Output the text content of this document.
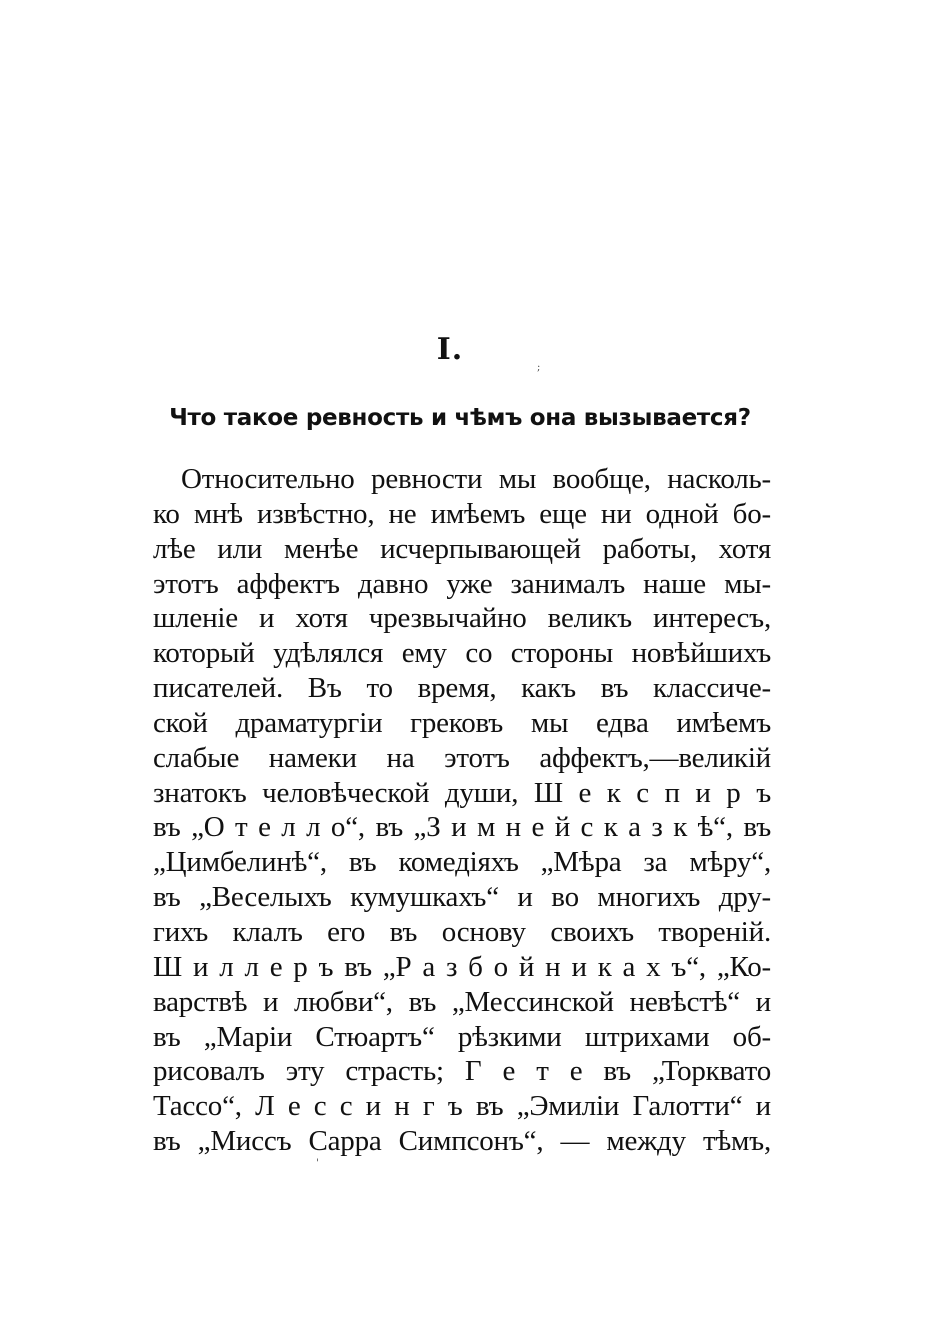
I.
;
Что такое ревность и чѣмъ она вызывается?
Относительно ревности мы вообще, насколь-
ко мнѣ извѣстно, не имѣемъ еще ни одной бо-
лѣе или менѣе исчерпывающей работы, хотя
этотъ аффектъ давно уже занималъ наше мы-
шленіе и хотя чрезвычайно великъ интересъ,
который удѣлялся ему со стороны новѣйшихъ
писателей. Въ то время, какъ въ классиче-
ской драматургіи грековъ мы едва имѣемъ
слабые намеки на этотъ аффектъ,—великій
знатокъ человѣческой души, Ш е к с п и р ъ
въ „О т е л л о“, въ „З и м н е й с к а з к ѣ“, въ
„Цимбелинѣ“, въ комедіяхъ „Мѣра за мѣру“,
въ „Веселыхъ кумушкахъ“ и во многихъ дру-
гихъ клалъ его въ основу своихъ твореній.
Ш и л л е р ъ въ „Р а з б о й н и к а х ъ“, „Ко-
варствѣ и любви“, въ „Мессинской невѣстѣ“ и
въ „Маріи Стюартъ“ рѣзкими штрихами об-
рисовалъ эту страсть; Г е т е въ „Торквато
Тассо“, Л е с с и н г ъ въ „Эмиліи Галотти“ и
въ „Миссъ Сарра Симпсонъ“, — между тѣмъ,
'
